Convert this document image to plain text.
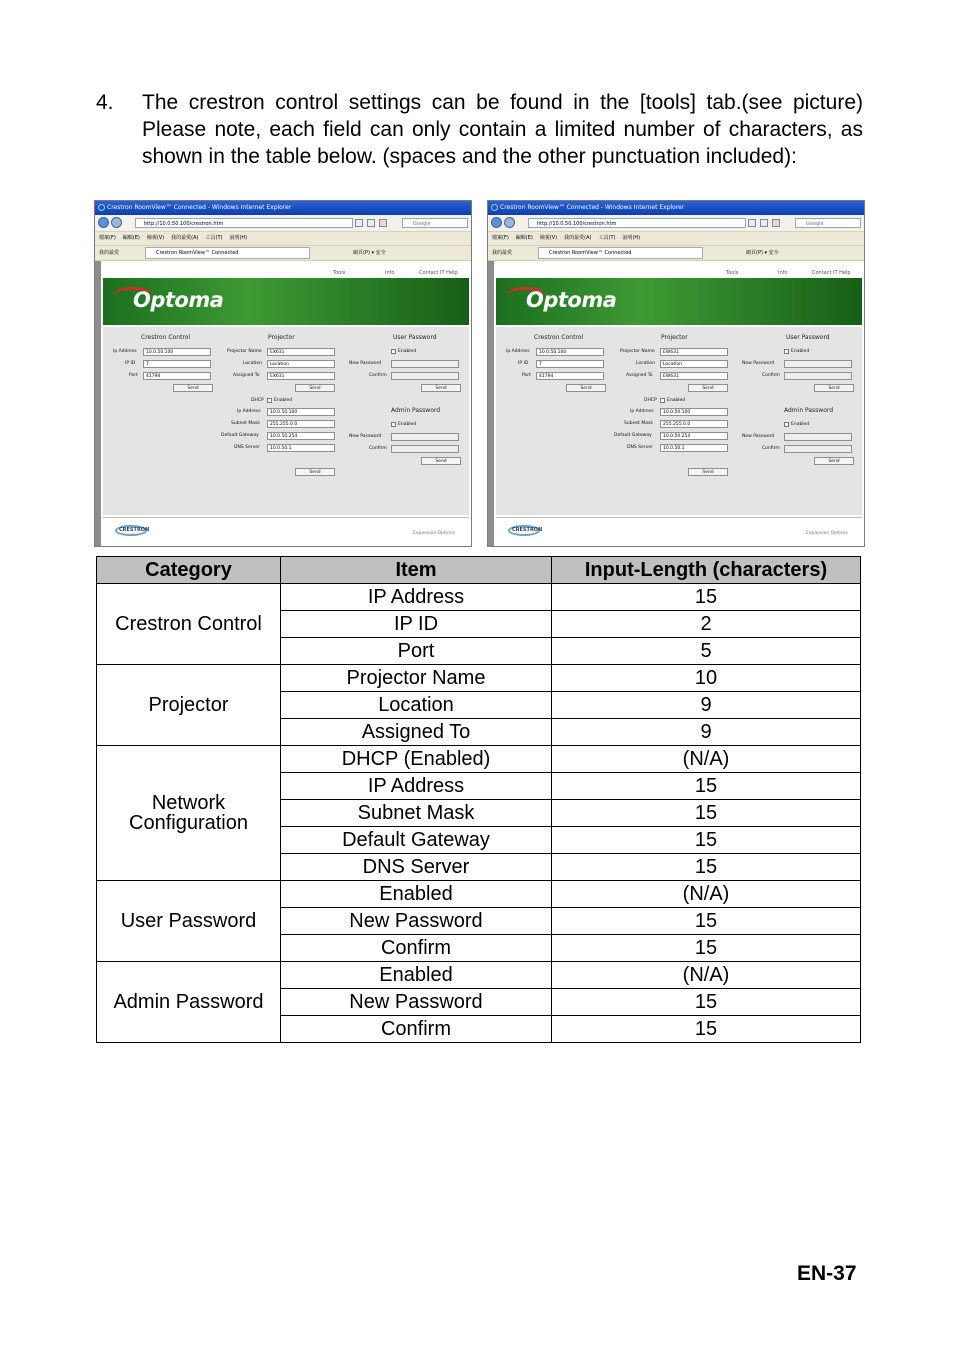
4. The crestron control settings can be found in the [tools] tab.(see picture) Please note, each field can only contain a limited number of characters, as shown in the table below. (spaces and the other punctuation included):
Crestron RoomView™ Connected - Windows Internet Explorer
http://10.0.50.100/crestron.htm	Google
檔案(F) 編輯(E) 檢視(V) 我的最愛(A) 工具(T) 說明(H)
我的最愛	Crestron RoomView™ Connected	網頁(P) ▾ 安全
Tools	Info	Contact IT Help
Optoma
Crestron Control	Projector	User Password
Admin Password
Ip Address	10.0.50.100
IP ID	7
Port	41794
Send
Projector Name	EX631
Location	Location
Assigned To	EX631
Send
DHCP Enabled
Ip Address	10.0.50.100
Subnet Mask	255.255.0.0
Default Gateway	10.0.50.254
DNS Server	10.0.50.1
Send
Enabled
New Password
Confirm
Send
Enabled
New Password
Confirm
Send
CRESTRON
Expansion Options
Crestron RoomView™ Connected - Windows Internet Explorer
http://10.0.50.100/crestron.htm	Google
檔案(F) 編輯(E) 檢視(V) 我的最愛(A) 工具(T) 說明(H)
我的最愛	Crestron RoomView™ Connected	網頁(P) ▾ 安全
Tools	Info	Contact IT Help
Optoma
Crestron Control	Projector	User Password
Admin Password
Ip Address	10.0.50.100
IP ID	7
Port	41794
Send
Projector Name	EW631
Location	Location
Assigned To	EW631
Send
DHCP Enabled
Ip Address	10.0.50.100
Subnet Mask	255.255.0.0
Default Gateway	10.0.50.254
DNS Server	10.0.50.1
Send
Enabled
New Password
Confirm
Send
Enabled
New Password
Confirm
Send
CRESTRON
Expansion Options
Category	Item	Input-Length (characters)
Crestron Control	IP Address	15
	IP ID	2
	Port	5
Projector	Projector Name	10
	Location	9
	Assigned To	9
Network Configuration	DHCP (Enabled)	(N/A)
	IP Address	15
	Subnet Mask	15
	Default Gateway	15
	DNS Server	15
User Password	Enabled	(N/A)
	New Password	15
	Confirm	15
Admin Password	Enabled	(N/A)
	New Password	15
	Confirm	15
EN-37
